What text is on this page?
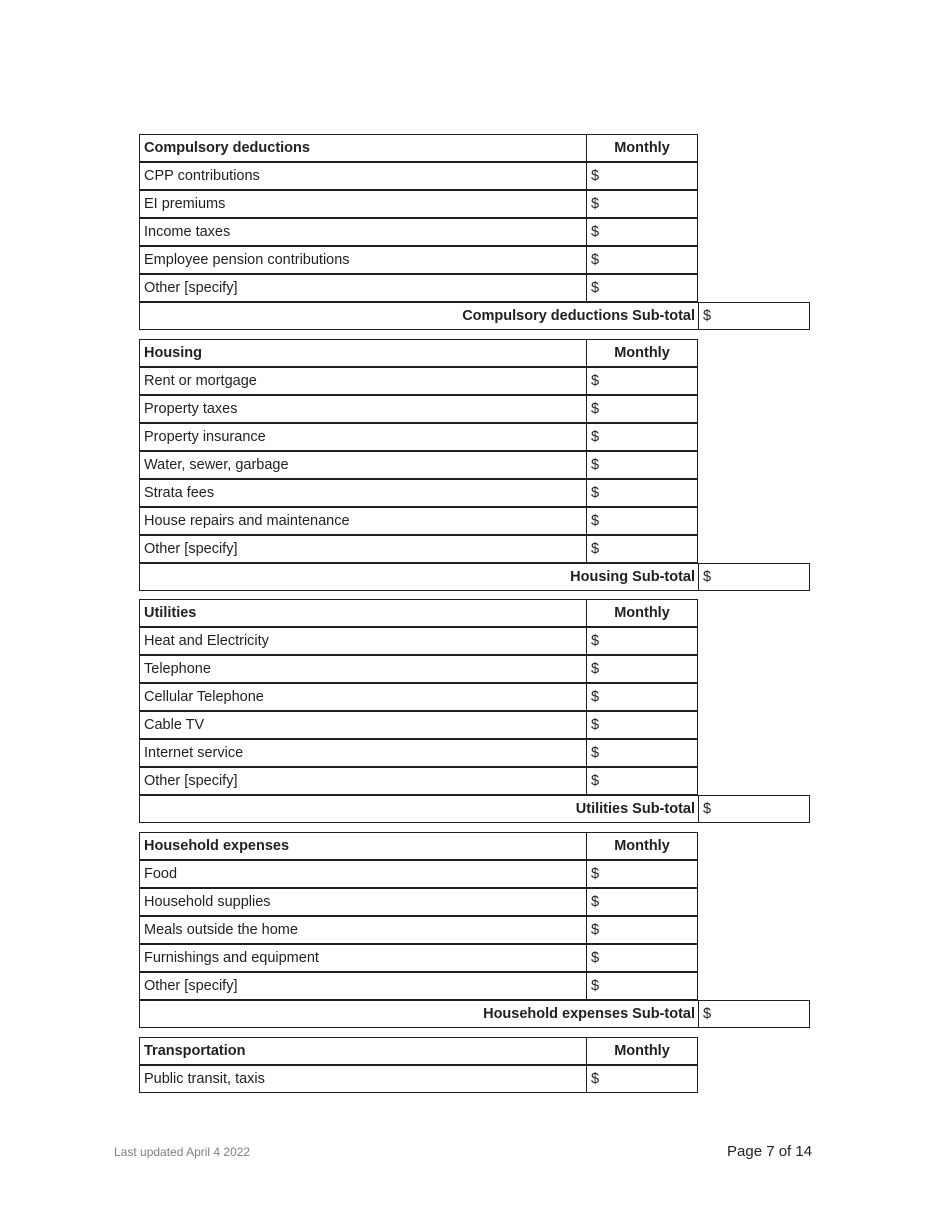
Compulsory deductions	Monthly
CPP contributions	$
EI premiums	$
Income taxes	$
Employee pension contributions	$
Other [specify]	$
Compulsory deductions Sub-total $
Housing	Monthly
Rent or mortgage	$
Property taxes	$
Property insurance	$
Water, sewer, garbage	$
Strata fees	$
House repairs and maintenance	$
Other [specify]	$
Housing Sub-total $
Utilities	Monthly
Heat and Electricity	$
Telephone	$
Cellular Telephone	$
Cable TV	$
Internet service	$
Other [specify]	$
Utilities Sub-total $
Household expenses	Monthly
Food	$
Household supplies	$
Meals outside the home	$
Furnishings and equipment	$
Other [specify]	$
Household expenses Sub-total $
Transportation	Monthly
Public transit, taxis	$
Last updated April 4 2022	Page 7 of 14
